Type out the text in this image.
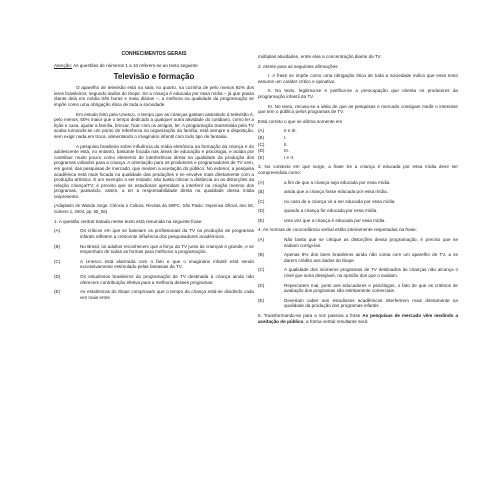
CONHECIMENTOS GERAIS

Atenção: As questões de números 1 a 10 referem-se ao texto seguinte

Televisão e formação

O aparelho de televisão está na sala; no quarto, na cozinha de pelo menos 92% dos lares brasileiros, segundo dados do Ibope. Se a criança é educada por essa mídia – já que passa diante dela em média três horas e meia diárias –, a melhora na qualidade da programação se impõe como uma obrigação ética de toda a sociedade.

Em estudo feito pela Unesco, o tempo que as crianças gastam assistindo à televisão é, pelo menos, 50% maior que o tempo dedicado a qualquer outra atividade do cotidiano, como ler a lição e casa, ajudar a família, brincar, ficar com os amigos, ler. A programação transmitida pela TV acaba tornando-se um ponto de referência na organização da família, está sempre a disposição, sem exigir nada em troca, alimentando o imaginário infantil com todo tipo de fantasia.

A pesquisa brasileira sobre influência da mídia eletrônica na formação da criança e do adolescente está, no entanto, bastante focada nas áreas de educação e psicologia, e acaba por contribuir muito pouco como elemento de interferência direta na qualidade da produção dos programas voltados para a criança. A orientação para os produtores e programadores de TV vem, em geral, das pesquisas de mercado, que medem a aceitação do público. No exterior, a pesquisa acadêmica está mais focada na qualidade das produções e se envolve mais diretamente com a produção artística. E um exemplo a ser imitado: não basta criticar a distância ou as distorções da relação criança/TV; é preciso que os estudiosos aprendam a interferir na criação mesmo dos programas, passando, assim, a ter a responsabilidade direta na qualidade dessa mídia onipresente.

(Adaptado de Wanda Jorge. Ciência e Cultura. Revista da SBPC. São Paulo: Imprensa Oficial, ano 56, número 1, 2004, pp. 55_56)

1. A questão central tratada nesse texto está resumida na seguinte frase:

(A)	Os críticos em que se baseiam os profissionais da TV na produção de programas infantis refletem a crescente influência dos pesquisadores acadêmicos.
(B)	No Brasil, os adultos reconhecem que a força da TV junto às crianças é grande, e se empenham de todas as formas para melhorar a programação.
(C)	A Unesco está alarmada com o fato e que o imaginário infantil está sendo excessivamente estimulado pelas fantasias da TV.
(D)	Os estudiosos brasileiros da programação de TV destinada à criança ainda não oferecem contribuição efetiva para a melhoria desses programas.
(E)	As estatísticas do Ibope comprovam que o tempo da criança está-se dividindo cada vez mais entre

múltiplas atividades, entre elas a concentração diante da TV.

2. Atente para as seguintes afirmações:

I. A frase se impõe como uma obrigação ética de toda a sociedade indica que esse texto assume um caráter crítico e opinativo.

II. No texto, legitima-se e justifica-se a preocupação que orienta os produtores da programação infantil da TV.

III. No texto, recusa-se a ideia de que as pesquisas e mercado consigam medir o interesse que tem o público pelos programas de TV.

Está correto o que se afirma somente em

(A)	II e III.
(B)	I.
(C)	II.
(D)	III.
(E)	I e II.

3. No contexto em que surge, a frase Se a criança é educada por essa mídia deve ser compreendida como:

(A)	a fim de que a criança seja educada por essa mídia.
(B)	ainda que a criança fosse educada por essa mídia.
(C)	no caso de a criança vir a ser educada por essa mídia.
(D)	quando a criança for educada por essa mídia.
(E)	uma vez que a criança é educada por essa mídia.

4. As normas de concordância verbal estão inteiramente respeitadas na frase:

(A)	Não basta que se critique as distorções dessa programação, é preciso que se saibam corrigi-las.
(B)	Apenas 8% dos lares brasileiros ainda não conta com um aparelho de TV, a se darem crédito aos dados do Ibope.
(C)	A qualidade dos inúmeros programas de TV destinados às crianças não alcança o nível que seria desejável, na opinião dos que o avaliam.
(D)	Repercutem mal, junto aos educadores e psicólogos, o fato de que os critérios de avaliação dos programas são estritamente comerciais.
(E)	Deveriam caber aos estudiosos acadêmicos interferirem mais diretamente na qualidade da produção dos programas infantis.

5. Transformando-se para a voz passiva a frase As pesquisas de mercado vêm medindo a aceitação do público, a forma verbal resultante será:
